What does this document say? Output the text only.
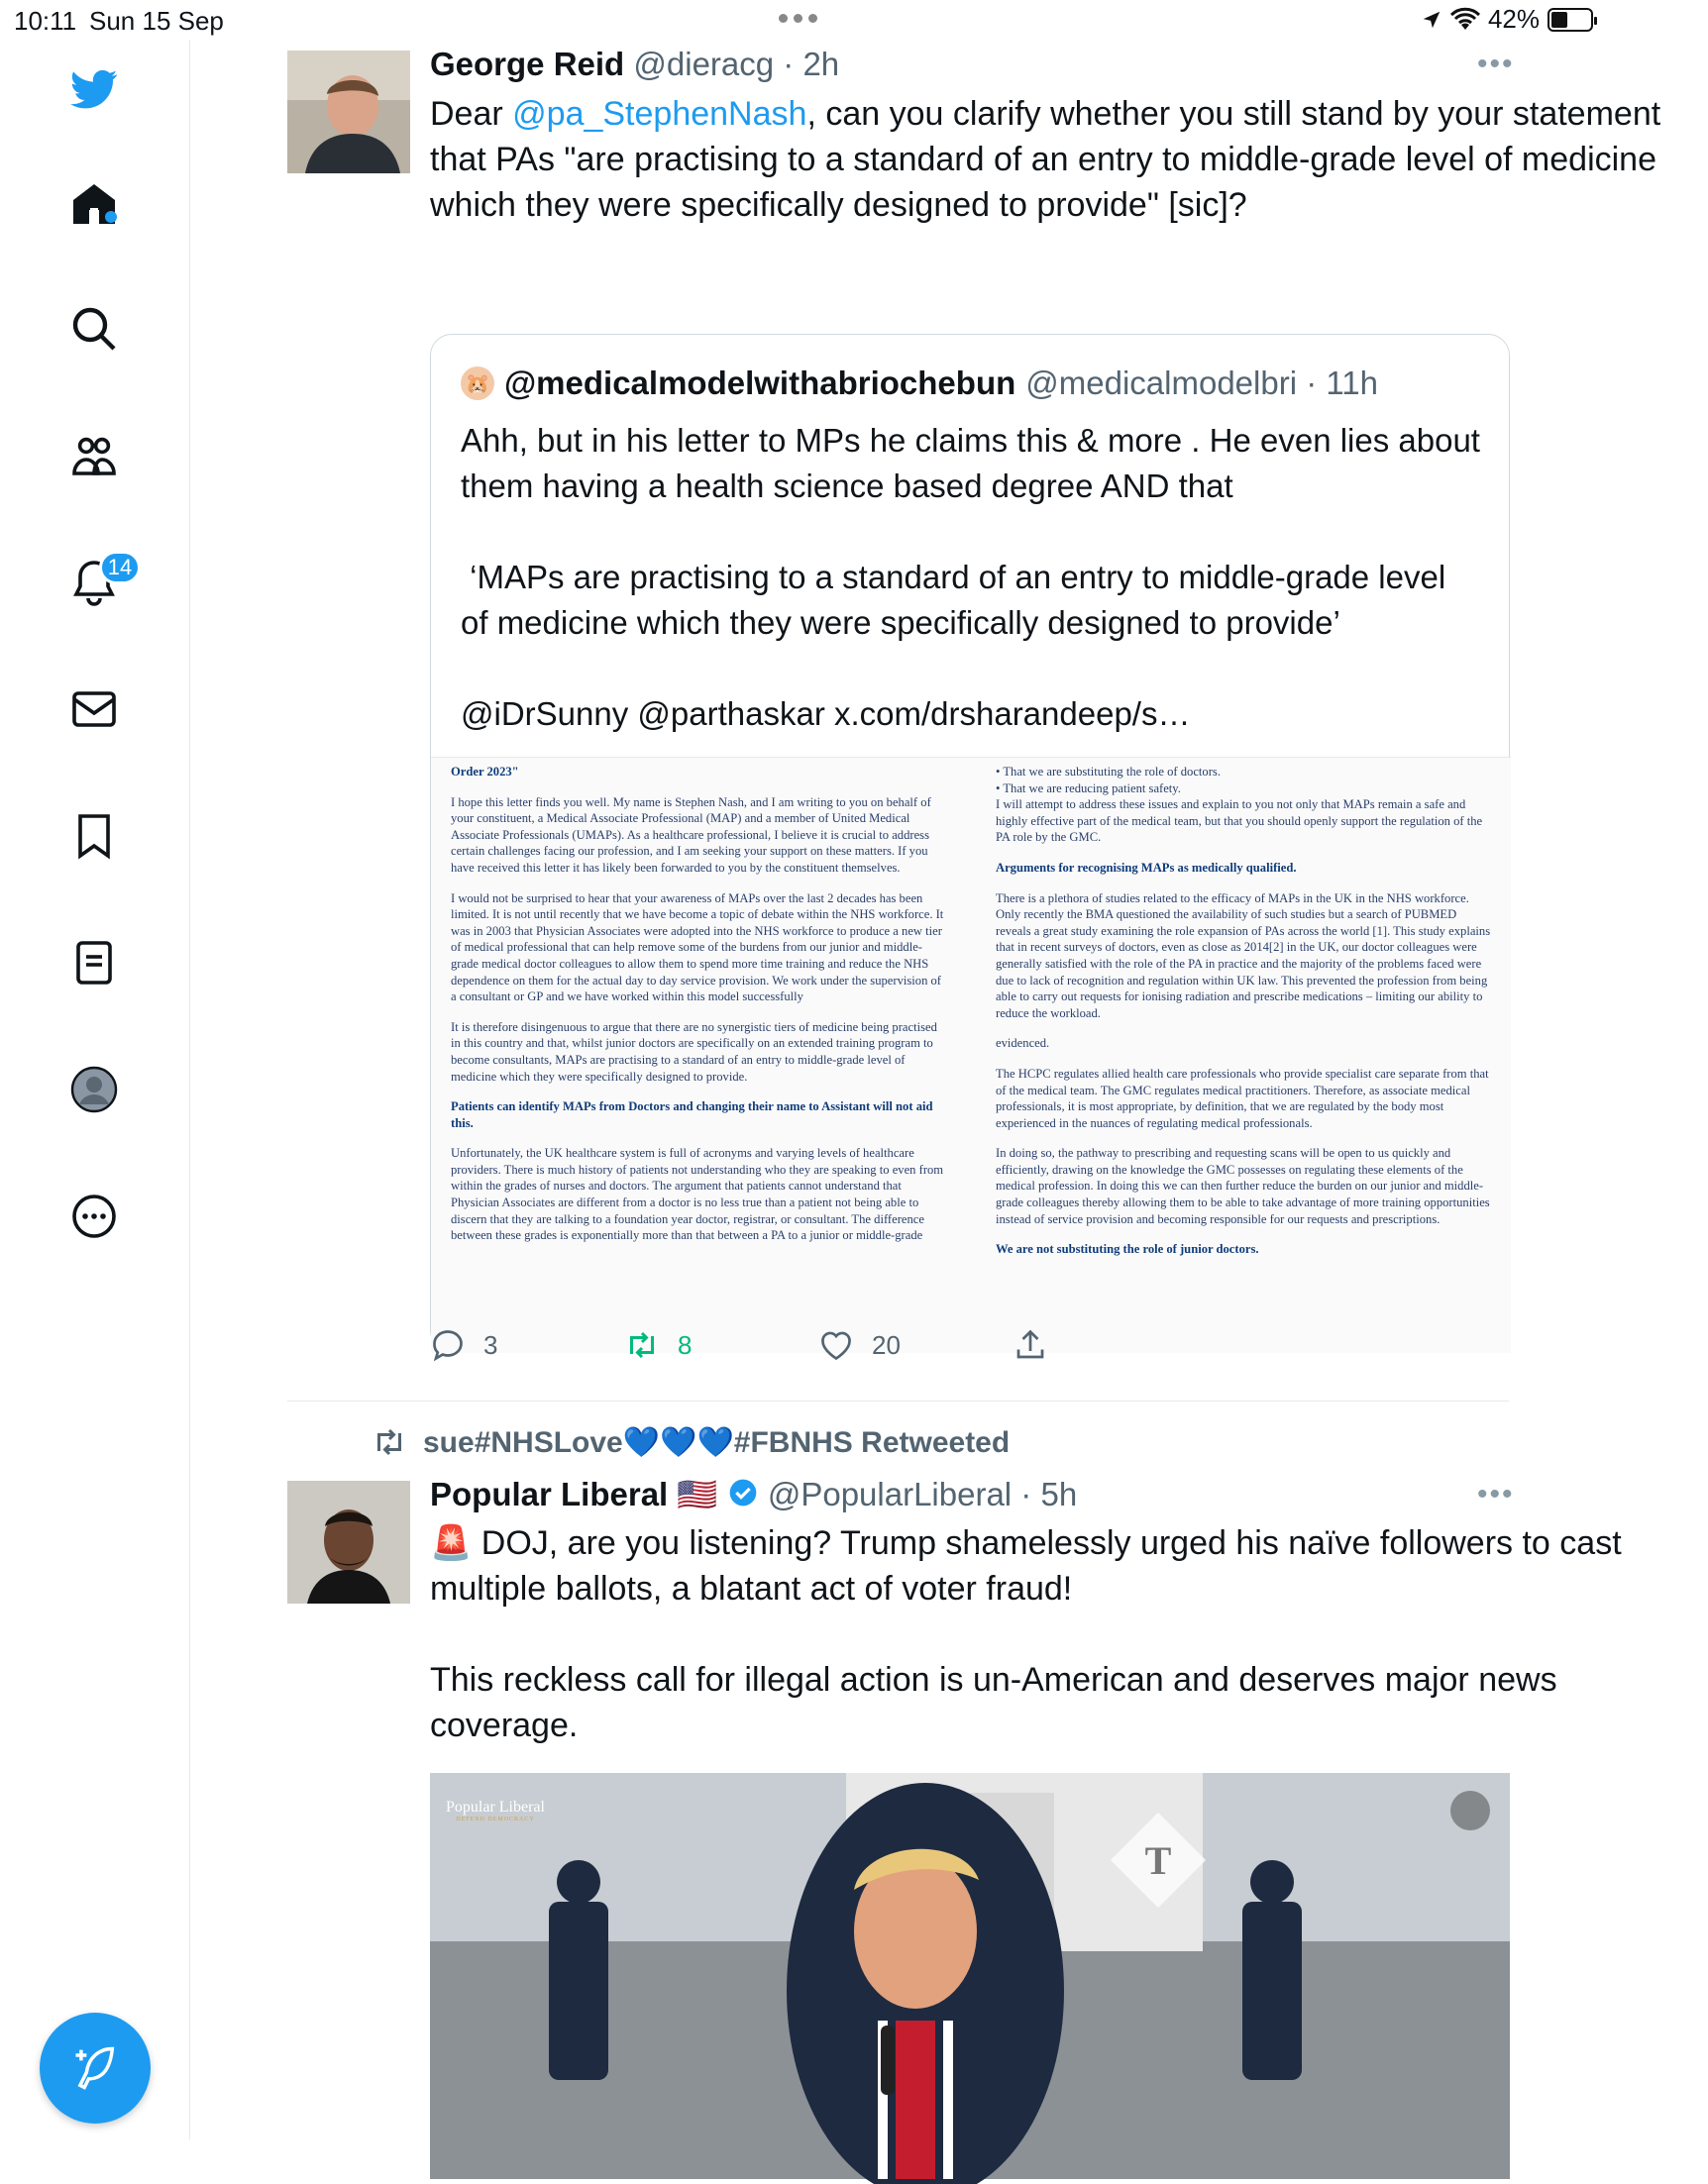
10:11 Sun 15 Sep	42%
14
George Reid @dieracg · 2h	•••
Dear @pa_StephenNash, can you clarify whether you still stand by your statement that PAs "are practising to a standard of an entry to middle-grade level of medicine which they were specifically designed to provide" [sic]?
🐹 @medicalmodelwithabriochebun @medicalmodelbri · 11h
Ahh, but in his letter to MPs he claims this & more . He even lies about them having a health science based degree AND that

‘MAPs are practising to a standard of an entry to middle-grade level of medicine which they were specifically designed to provide’

@iDrSunny @parthaskar x.com/drsharandeep/s…

Order 2023"

I hope this letter finds you well. My name is Stephen Nash, and I am writing to you on behalf of your constituent, a Medical Associate Professional (MAP) and a member of United Medical Associate Professionals (UMAPs). As a healthcare professional, I believe it is crucial to address certain challenges facing our profession, and I am seeking your support on these matters. If you have received this letter it has likely been forwarded to you by the constituent themselves.

I would not be surprised to hear that your awareness of MAPs over the last 2 decades has been limited. It is not until recently that we have become a topic of debate within the NHS workforce. It was in 2003 that Physician Associates were adopted into the NHS workforce to produce a new tier of medical professional that can help remove some of the burdens from our junior and middle-grade medical doctor colleagues to allow them to spend more time training and reduce the NHS dependence on them for the actual day to day service provision. We work under the supervision of a consultant or GP and we have worked within this model successfully

It is therefore disingenuous to argue that there are no synergistic tiers of medicine being practised in this country and that, whilst junior doctors are specifically on an extended training program to become consultants, MAPs are practising to a standard of an entry to middle-grade level of medicine which they were specifically designed to provide.

Patients can identify MAPs from Doctors and changing their name to Assistant will not aid this.

Unfortunately, the UK healthcare system is full of acronyms and varying levels of healthcare providers. There is much history of patients not understanding who they are speaking to even from within the grades of nurses and doctors. The argument that patients cannot understand that Physician Associates are different from a doctor is no less true than a patient not being able to discern that they are talking to a foundation year doctor, registrar, or consultant. The difference between these grades is exponentially more than that between a PA to a junior or middle-grade

• That we are substituting the role of doctors.
• That we are reducing patient safety.
I will attempt to address these issues and explain to you not only that MAPs remain a safe and highly effective part of the medical team, but that you should openly support the regulation of the PA role by the GMC.

Arguments for recognising MAPs as medically qualified.

There is a plethora of studies related to the efficacy of MAPs in the UK in the NHS workforce. Only recently the BMA questioned the availability of such studies but a search of PUBMED reveals a great study examining the role expansion of PAs across the world [1]. This study explains that in recent surveys of doctors, even as close as 2014[2] in the UK, our doctor colleagues were generally satisfied with the role of the PA in practice and the majority of the problems faced were due to lack of recognition and regulation within UK law. This prevented the profession from being able to carry out requests for ionising radiation and prescribe medications – limiting our ability to reduce the workload.

evidenced.

The HCPC regulates allied health care professionals who provide specialist care separate from that of the medical team. The GMC regulates medical practitioners. Therefore, as associate medical professionals, it is most appropriate, by definition, that we are regulated by the body most experienced in the nuances of regulating medical professionals.

In doing so, the pathway to prescribing and requesting scans will be open to us quickly and efficiently, drawing on the knowledge the GMC possesses on regulating these elements of the medical profession. In doing this we can then further reduce the burden on our junior and middle-grade colleagues thereby allowing them to be able to take advantage of more training opportunities instead of service provision and becoming responsible for our requests and prescriptions.

We are not substituting the role of junior doctors.

3	8	20
sue#NHSLove💙💙💙#FBNHS Retweeted
Popular Liberal 🇺🇸 @PopularLiberal · 5h	•••
🚨 DOJ, are you listening? Trump shamelessly urged his naïve followers to cast multiple ballots, a blatant act of voter fraud!

This reckless call for illegal action is un-American and deserves major news coverage.
T
Popular Liberal
DEFEND DEMOCRACY
